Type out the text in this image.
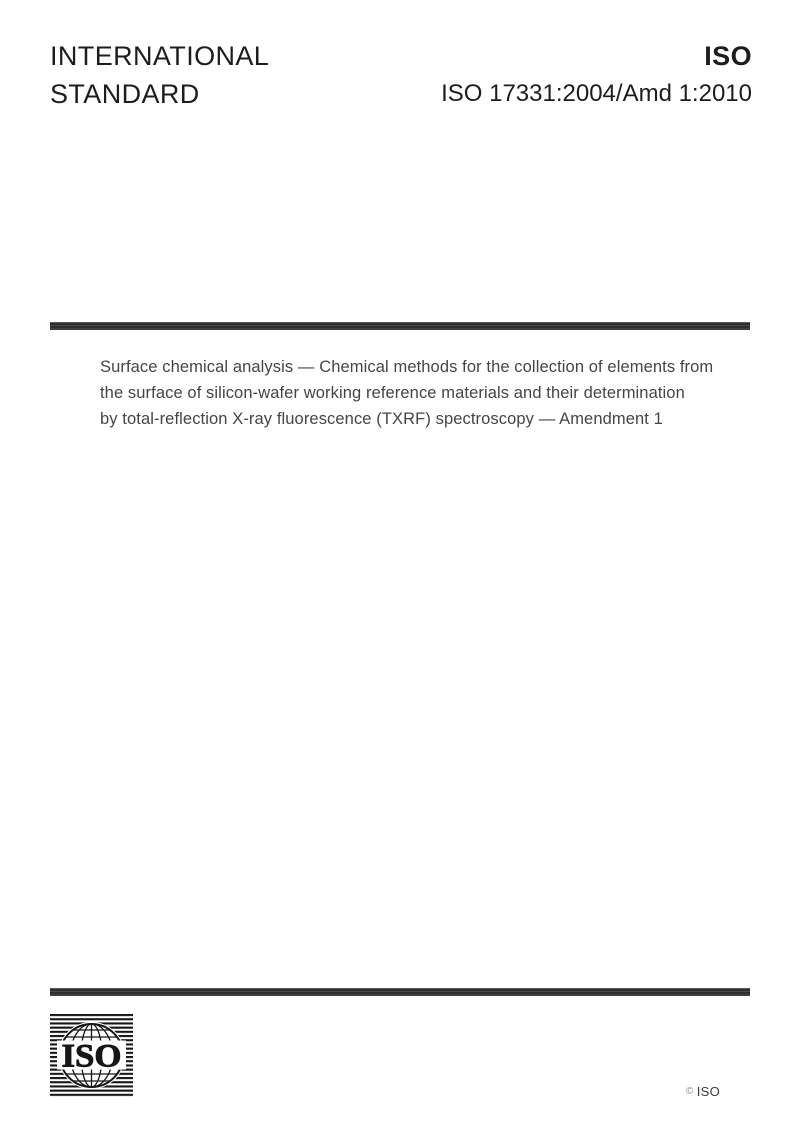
INTERNATIONAL
STANDARD
ISO
ISO 17331:2004/Amd 1:2010
Surface chemical analysis — Chemical methods for the collection of elements from
the surface of silicon-wafer working reference materials and their determination
by total-reflection X-ray fluorescence (TXRF) spectroscopy — Amendment 1
ISO
© ISO
